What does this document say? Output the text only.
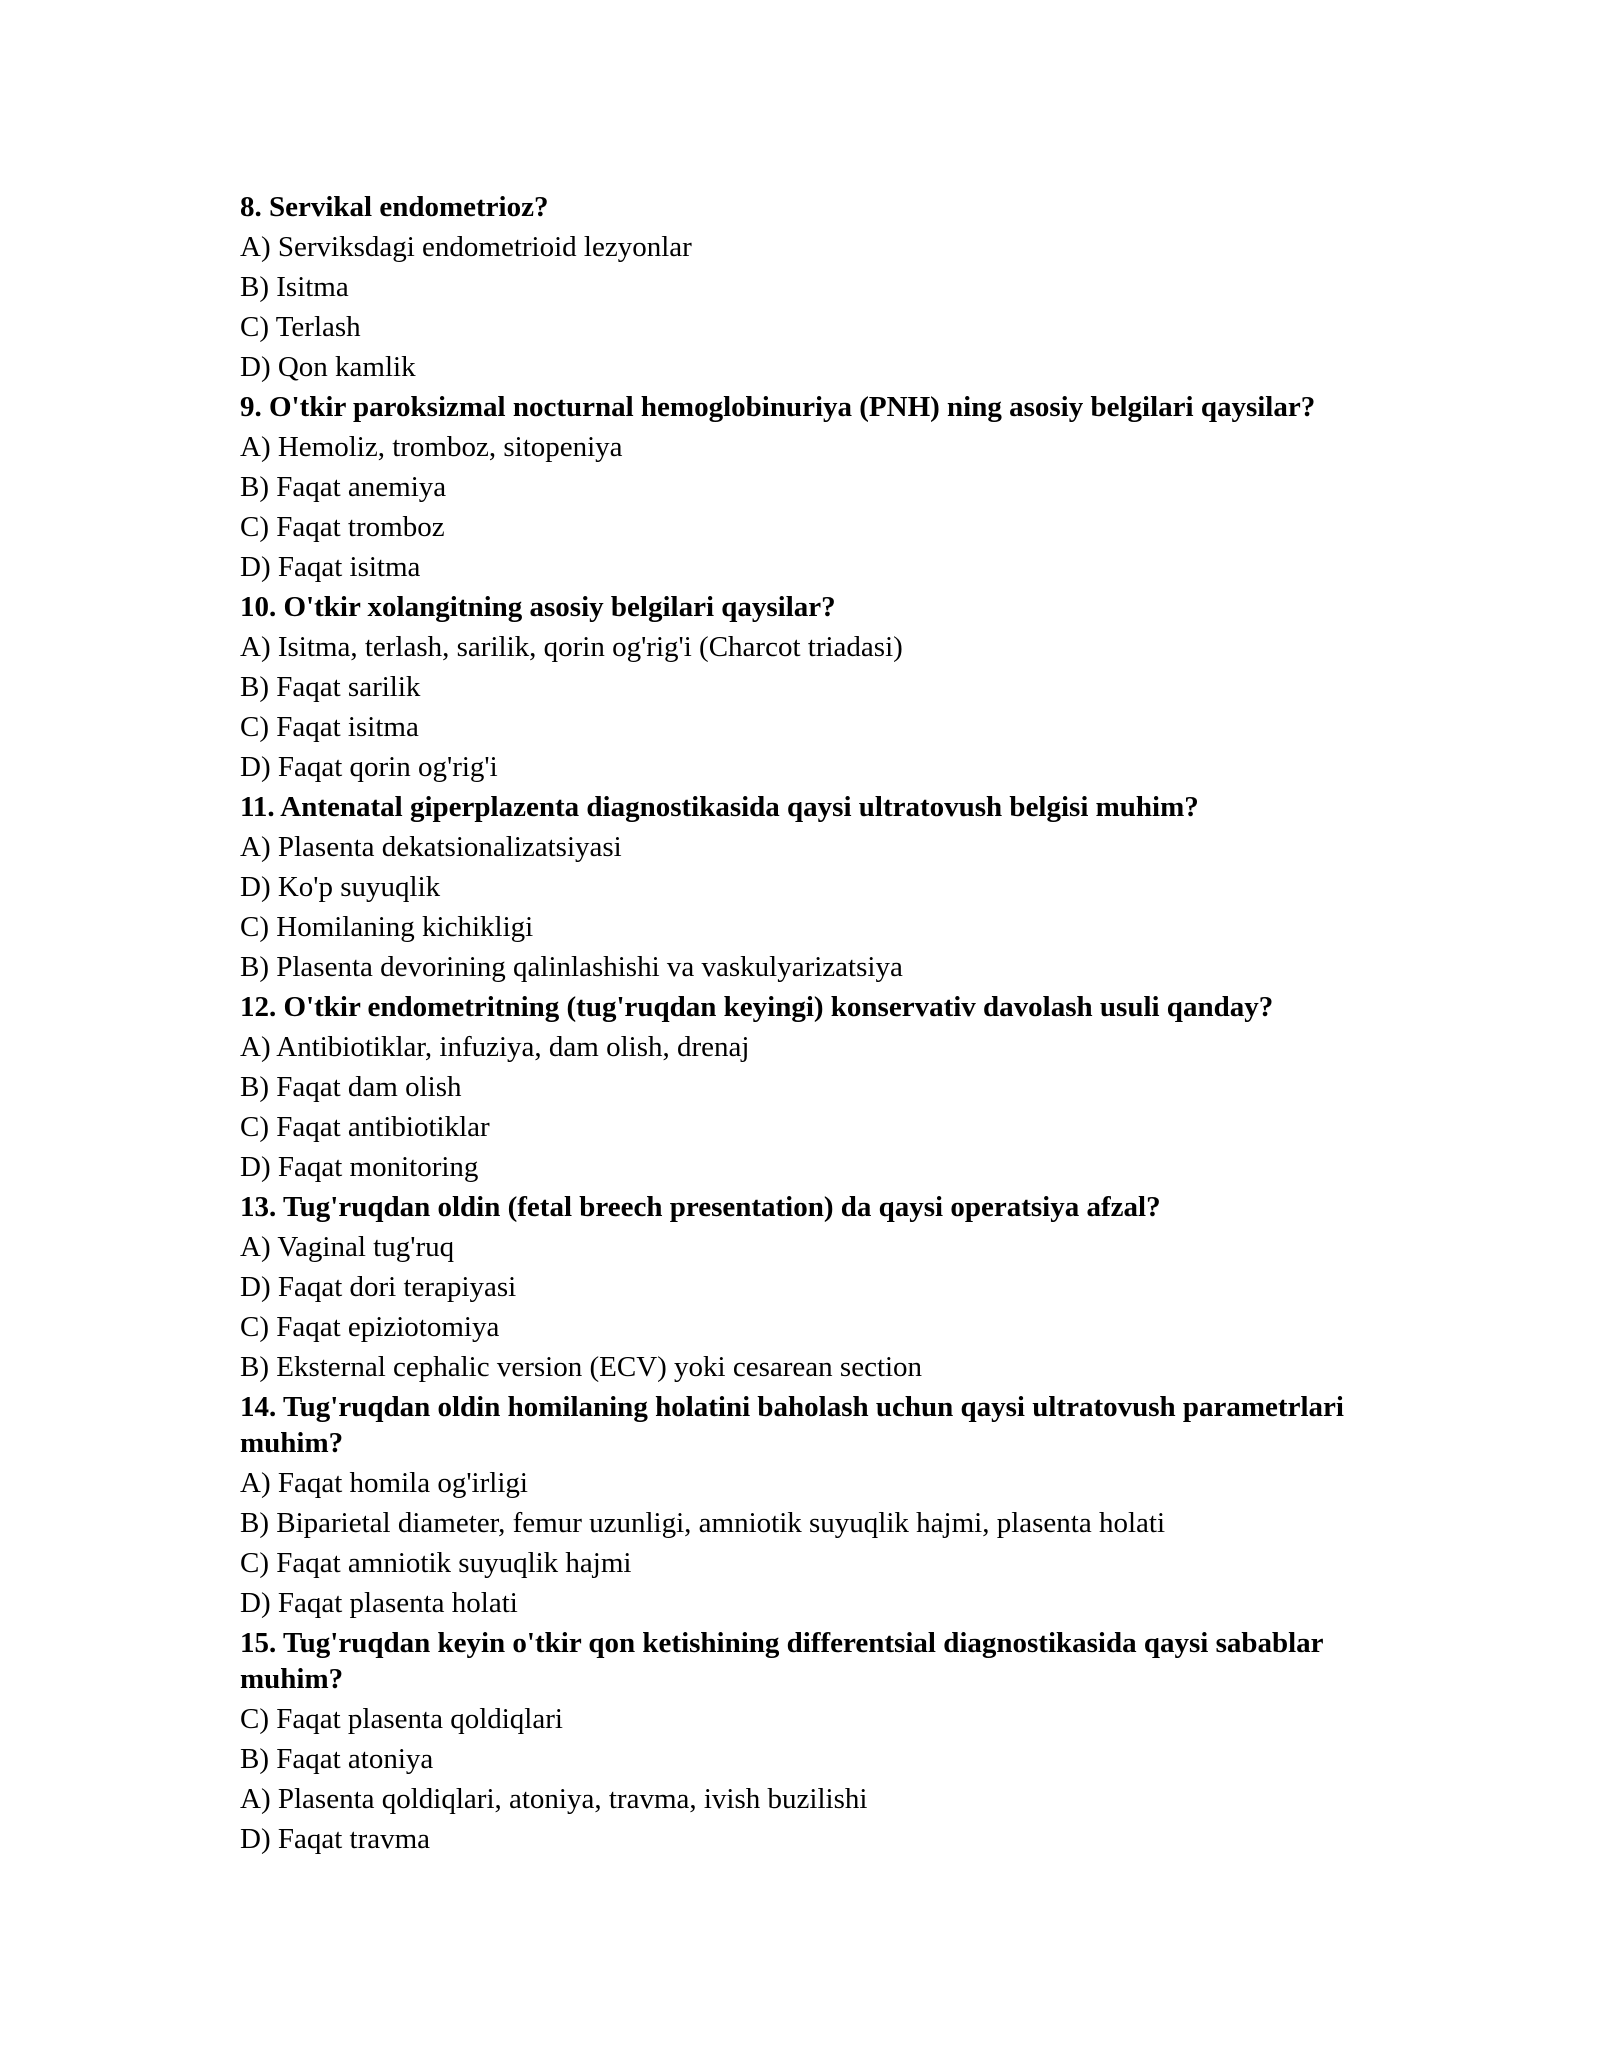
8. Servikal endometrioz?
A) Serviksdagi endometrioid lezyonlar
B) Isitma
C) Terlash
D) Qon kamlik
9. O'tkir paroksizmal nocturnal hemoglobinuriya (PNH) ning asosiy belgilari qaysilar?
A) Hemoliz, tromboz, sitopeniya
B) Faqat anemiya
C) Faqat tromboz
D) Faqat isitma
10. O'tkir xolangitning asosiy belgilari qaysilar?
A) Isitma, terlash, sarilik, qorin og'rig'i (Charcot triadasi)
B) Faqat sarilik
C) Faqat isitma
D) Faqat qorin og'rig'i
11. Antenatal giperplazenta diagnostikasida qaysi ultratovush belgisi muhim?
A) Plasenta dekatsionalizatsiyasi
D) Ko'p suyuqlik
C) Homilaning kichikligi
B) Plasenta devorining qalinlashishi va vaskulyarizatsiya
12. O'tkir endometritning (tug'ruqdan keyingi) konservativ davolash usuli qanday?
A) Antibiotiklar, infuziya, dam olish, drenaj
B) Faqat dam olish
C) Faqat antibiotiklar
D) Faqat monitoring
13. Tug'ruqdan oldin (fetal breech presentation) da qaysi operatsiya afzal?
A) Vaginal tug'ruq
D) Faqat dori terapiyasi
C) Faqat epiziotomiya
B) Eksternal cephalic version (ECV) yoki cesarean section
14. Tug'ruqdan oldin homilaning holatini baholash uchun qaysi ultratovush parametrlari muhim?
A) Faqat homila og'irligi
B) Biparietal diameter, femur uzunligi, amniotik suyuqlik hajmi, plasenta holati
C) Faqat amniotik suyuqlik hajmi
D) Faqat plasenta holati
15. Tug'ruqdan keyin o'tkir qon ketishining differentsial diagnostikasida qaysi sabablar muhim?
C) Faqat plasenta qoldiqlari
B) Faqat atoniya
A) Plasenta qoldiqlari, atoniya, travma, ivish buzilishi
D) Faqat travma
